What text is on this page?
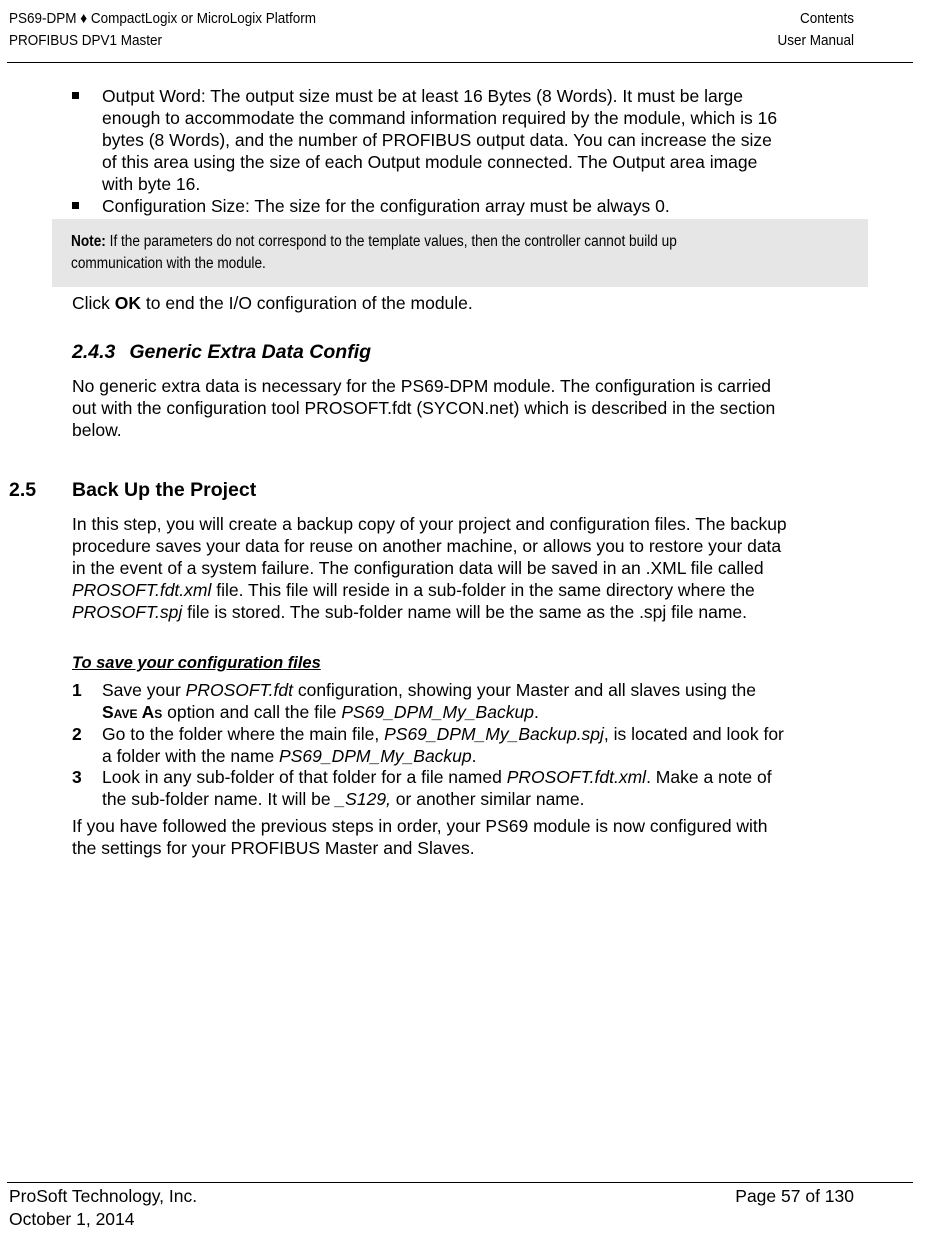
PS69-DPM ♦ CompactLogix or MicroLogix Platform
PROFIBUS DPV1 Master
Contents
User Manual
Output Word: The output size must be at least 16 Bytes (8 Words). It must be large
enough to accommodate the command information required by the module, which is 16
bytes (8 Words), and the number of PROFIBUS output data. You can increase the size
of this area using the size of each Output module connected. The Output area image
with byte 16.
Configuration Size: The size for the configuration array must be always 0.
Note: If the parameters do not correspond to the template values, then the controller cannot build up
communication with the module.
Click OK to end the I/O configuration of the module.
2.4.3 Generic Extra Data Config
No generic extra data is necessary for the PS69-DPM module. The configuration is carried
out with the configuration tool PROSOFT.fdt (SYCON.net) which is described in the section
below.
2.5 Back Up the Project
In this step, you will create a backup copy of your project and configuration files. The backup
procedure saves your data for reuse on another machine, or allows you to restore your data
in the event of a system failure. The configuration data will be saved in an .XML file called
PROSOFT.fdt.xml file. This file will reside in a sub-folder in the same directory where the
PROSOFT.spj file is stored. The sub-folder name will be the same as the .spj file name.
To save your configuration files
1 Save your PROSOFT.fdt configuration, showing your Master and all slaves using the
Save As option and call the file PS69_DPM_My_Backup.
2 Go to the folder where the main file, PS69_DPM_My_Backup.spj, is located and look for
a folder with the name PS69_DPM_My_Backup.
3 Look in any sub-folder of that folder for a file named PROSOFT.fdt.xml. Make a note of
the sub-folder name. It will be _S129, or another similar name.
If you have followed the previous steps in order, your PS69 module is now configured with
the settings for your PROFIBUS Master and Slaves.
ProSoft Technology, Inc.
October 1, 2014
Page 57 of 130
